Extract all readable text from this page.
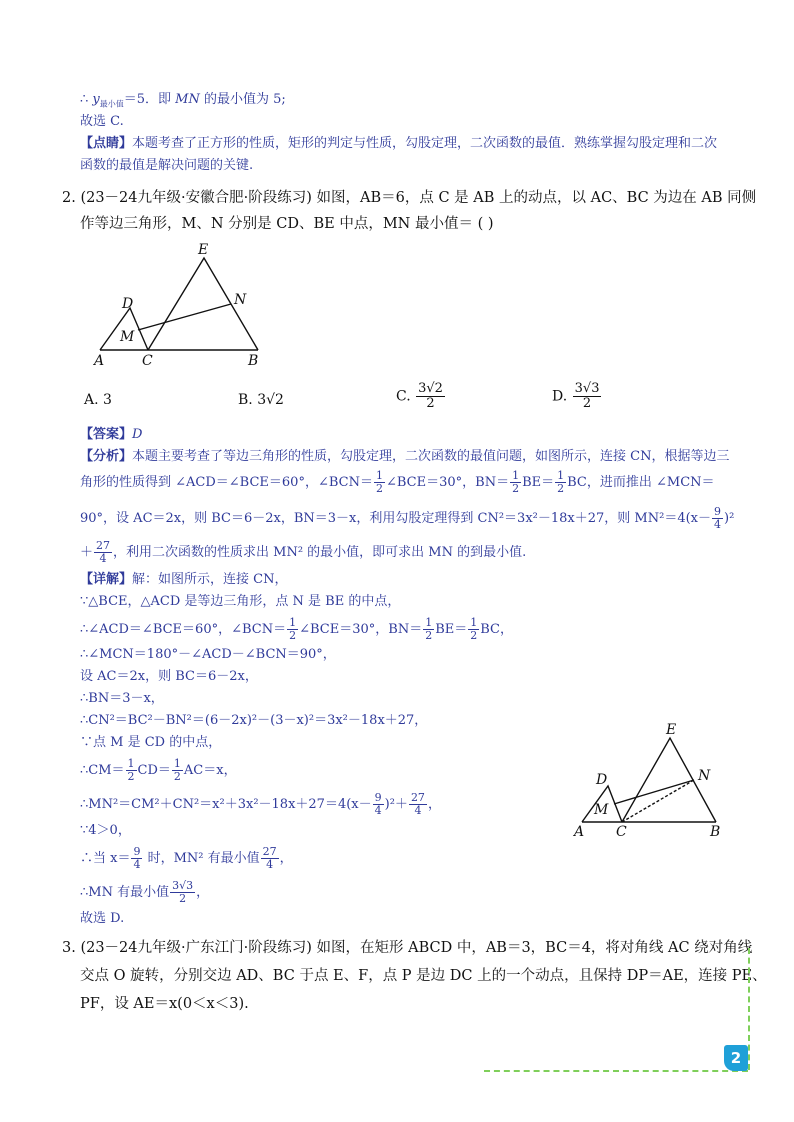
∴ $y_{最小值}=5$．即 MN 的最小值为 5;
故选 C.
【点睛】本题考查了正方形的性质，矩形的判定与性质，勾股定理，二次函数的最值．熟练掌握勾股定理和二次
函数的最值是解决问题的关键.
2. (23－24九年级·安徽合肥·阶段练习) 如图，AB＝6，点 C 是 AB 上的动点，以 AC、BC 为边在 AB 同侧
作等边三角形，M、N 分别是 CD、BE 中点，MN 最小值＝ ( )
E
D	N
M
A	C	B
A. 3	B. 3√2	C. $\frac{3√2}{2}$	D. $\frac{3√3}{2}$
【答案】D
【分析】本题主要考查了等边三角形的性质，勾股定理，二次函数的最值问题，如图所示，连接 CN，根据等边三
角形的性质得到 ∠ACD＝∠BCE＝60°，∠BCN＝ $\frac{1}{2}$ ∠BCE＝30°，$BN= \frac{1}{2} BE= \frac{1}{2}$ BC，进而推出 ∠MCN＝
90°，设 AC＝2x，则 BC＝6－2x，BN＝3－x，利用勾股定理得到 CN²＝3x²－18x＋27，则 $MN^2=4(x- \frac{9}{4} )^2$
＋ $\frac{27}{4}$ ，利用二次函数的性质求出 MN² 的最小值，即可求出 MN 的到最小值.
【详解】解：如图所示，连接 CN，
∵△BCE，△ACD 是等边三角形，点 N 是 BE 的中点，
∴∠ACD＝∠BCE＝60°，∠BCN＝ $\frac{1}{2}$ ∠BCE＝30°，$BN= \frac{1}{2} BE= \frac{1}{2}$ BC，
∴∠MCN＝180°－∠ACD－∠BCN＝90°，
设 AC＝2x，则 BC＝6－2x，
∴BN＝3－x，
∴CN²＝BC²－BN²＝(6－2x)²－(3－x)²＝3x²－18x＋27，
∵点 M 是 CD 的中点，
∴CM＝ $\frac{1}{2} CD= \frac{1}{2} AC=x$，
∴MN²＝CM²＋CN²＝x²＋3x²－18x＋27＝4(x－ $\frac{9}{4} )^2+ \frac{27}{4}$ ，
∵4＞0，
∴当 $x= \frac{9}{4}$ 时，MN² 有最小值 $\frac{27}{4}$ ，
∴MN 有最小值 $\frac{3√3}{2}$ ，
故选 D.
E
D	N
M
A C	B
3. (23－24九年级·广东江门·阶段练习) 如图，在矩形 ABCD 中，AB＝3，BC＝4，将对角线 AC 绕对角线
交点 O 旋转，分别交边 AD、BC 于点 E、F，点 P 是边 DC 上的一个动点，且保持 DP＝AE，连接 PE、
PF，设 AE＝x(0＜x＜3).
2
